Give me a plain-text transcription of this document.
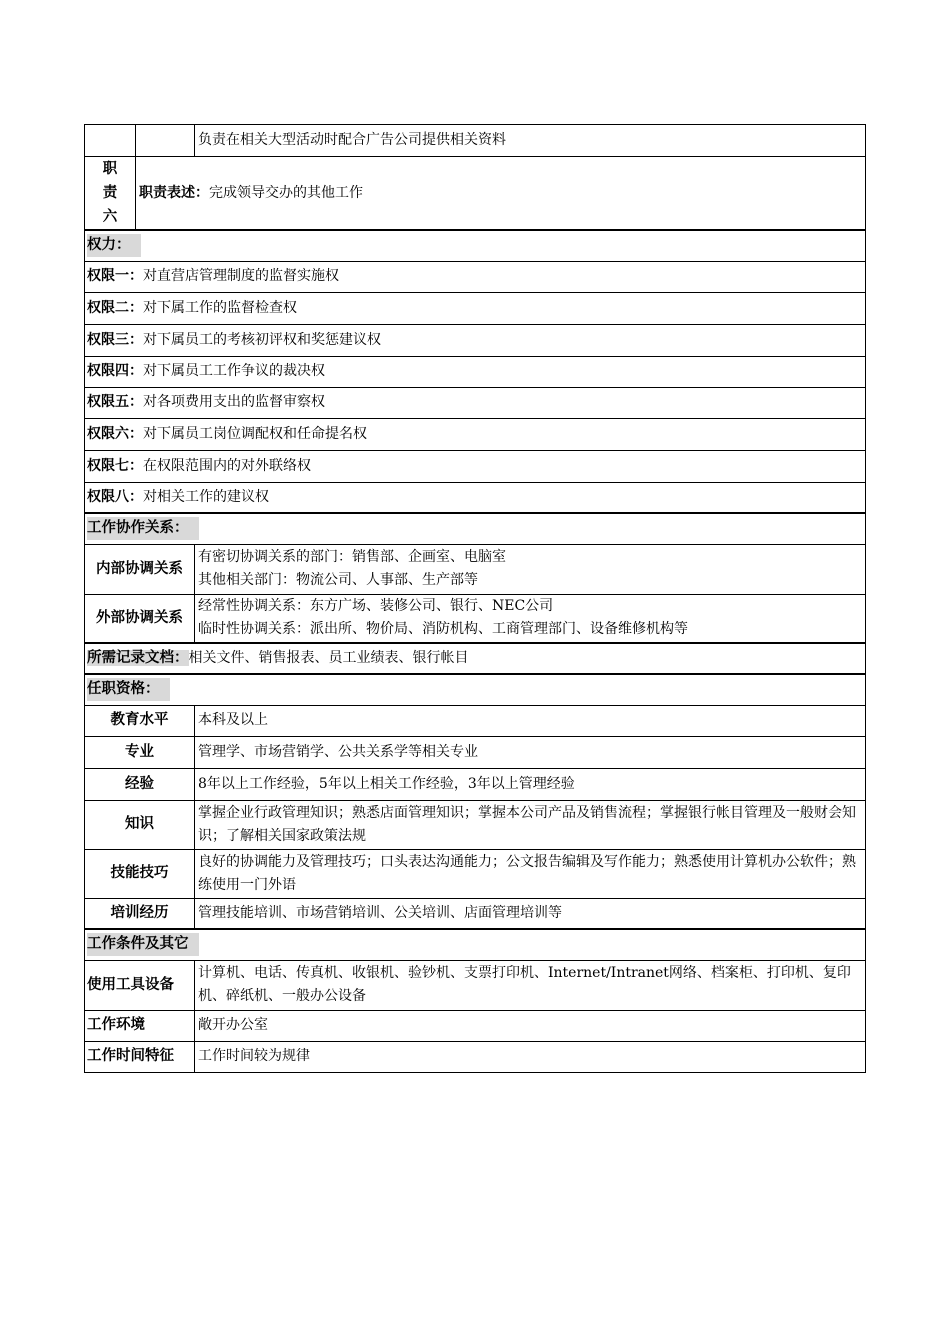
		负责在相关大型活动时配合广告公司提供相关资料
职
责
六	职责表述：完成领导交办的其他工作	
权力：		
权限一：对直营店管理制度的监督实施权		
权限二：对下属工作的监督检查权		
权限三：对下属员工的考核初评权和奖惩建议权		
权限四：对下属员工工作争议的裁决权		
权限五：对各项费用支出的监督审察权		
权限六：对下属员工岗位调配权和任命提名权		
权限七：在权限范围内的对外联络权		
权限八：对相关工作的建议权		
工作协作关系：		
内部协调关系		有密切协调关系的部门：销售部、企画室、电脑室
其他相关部门：物流公司、人事部、生产部等

外部协调关系		经常性协调关系：东方广场、装修公司、银行、NEC公司
临时性协调关系：派出所、物价局、消防机构、工商管理部门、设备维修机构等

所需记录文档：相关文件、销售报表、员工业绩表、银行帐目		
任职资格：		
教育水平		本科及以上
专业		管理学、市场营销学、公共关系学等相关专业
经验		8年以上工作经验，5年以上相关工作经验，3年以上管理经验
知识		掌握企业行政管理知识；熟悉店面管理知识；掌握本公司产品及销售流程；掌握银行帐目管理及一般财会知识；了解相关国家政策法规
技能技巧		良好的协调能力及管理技巧；口头表达沟通能力；公文报告编辑及写作能力；熟悉使用计算机办公软件；熟练使用一门外语
培训经历		管理技能培训、市场营销培训、公关培训、店面管理培训等
工作条件及其它		
使用工具设备		计算机、电话、传真机、收银机、验钞机、支票打印机、Internet/Intranet网络、档案柜、打印机、复印机、碎纸机、一般办公设备
工作环境		敞开办公室
工作时间特征		工作时间较为规律
